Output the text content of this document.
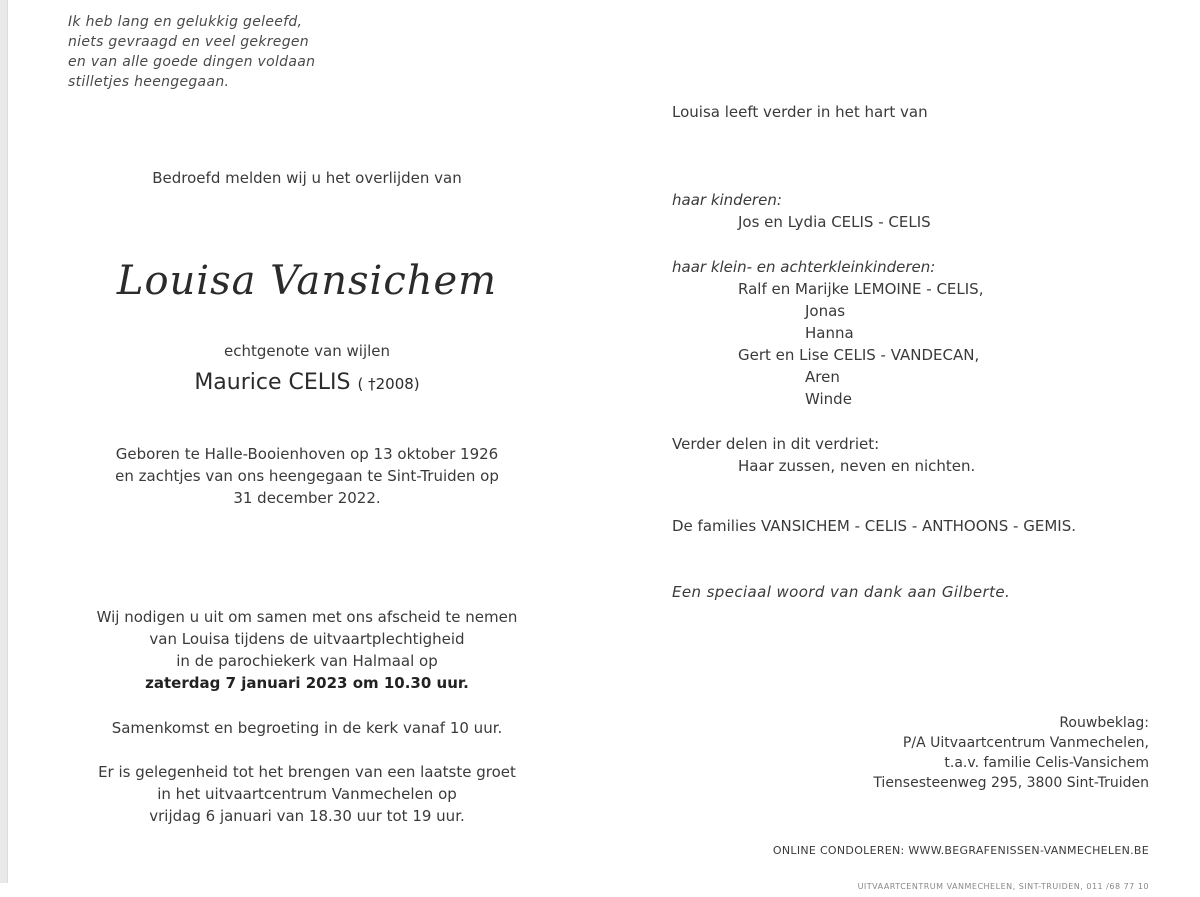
Ik heb lang en gelukkig geleefd,
niets gevraagd en veel gekregen
en van alle goede dingen voldaan
stilletjes heengegaan.
Bedroefd melden wij u het overlijden van
Louisa Vansichem
echtgenote van wijlen
Maurice CELIS ( †2008)
Geboren te Halle-Booienhoven op 13 oktober 1926
en zachtjes van ons heengegaan te Sint-Truiden op
31 december 2022.
Wij nodigen u uit om samen met ons afscheid te nemen
van Louisa tijdens de uitvaartplechtigheid
in de parochiekerk van Halmaal op
zaterdag 7 januari 2023 om 10.30 uur.
Samenkomst en begroeting in de kerk vanaf 10 uur.
Er is gelegenheid tot het brengen van een laatste groet
in het uitvaartcentrum Vanmechelen op
vrijdag 6 januari van 18.30 uur tot 19 uur.
Louisa leeft verder in het hart van
haar kinderen:
Jos en Lydia CELIS - CELIS
haar klein- en achterkleinkinderen:
Ralf en Marijke LEMOINE - CELIS,
Jonas
Hanna
Gert en Lise CELIS - VANDECAN,
Aren
Winde
Verder delen in dit verdriet:
Haar zussen, neven en nichten.
De families VANSICHEM - CELIS - ANTHOONS - GEMIS.
Een speciaal woord van dank aan Gilberte.
Rouwbeklag:
P/A Uitvaartcentrum Vanmechelen,
t.a.v. familie Celis-Vansichem
Tiensesteenweg 295, 3800 Sint-Truiden
ONLINE CONDOLEREN: WWW.BEGRAFENISSEN-VANMECHELEN.BE
UITVAARTCENTRUM VANMECHELEN, SINT-TRUIDEN, 011 /68 77 10
